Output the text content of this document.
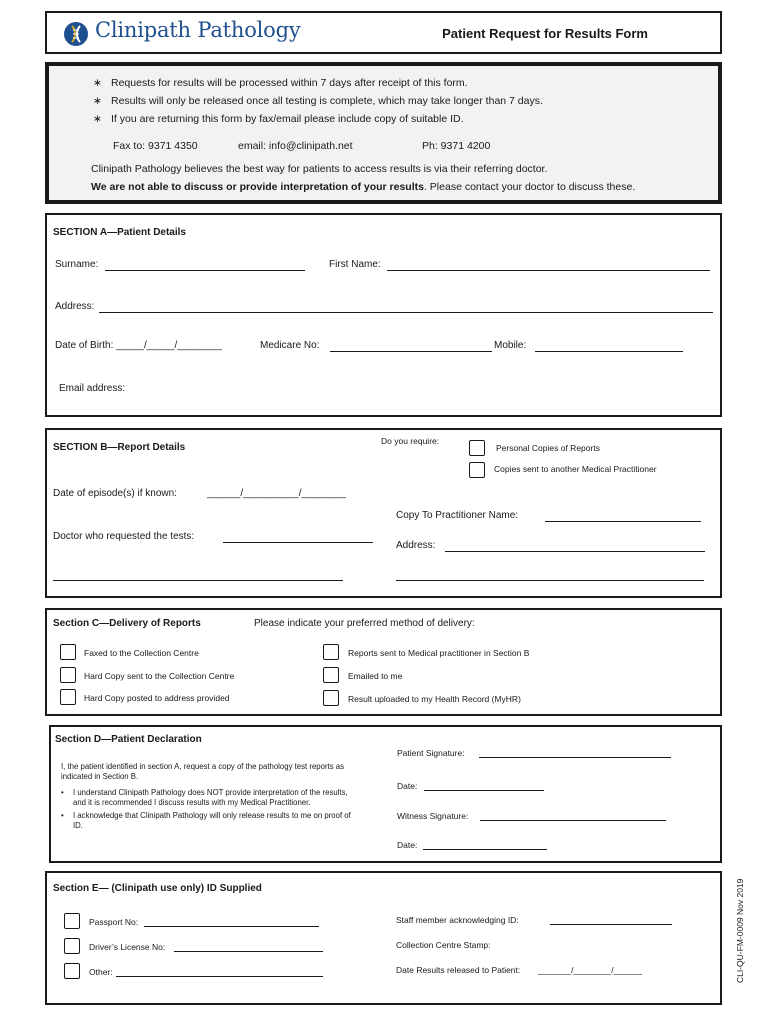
Clinipath Pathology	Patient Request for Results Form
∗ Requests for results will be processed within 7 days after receipt of this form.
∗ Results will only be released once all testing is complete, which may take longer than 7 days.
∗ If you are returning this form by fax/email please include copy of suitable ID.
Fax to: 9371 4350	email: info@clinipath.net	Ph: 9371 4200
Clinipath Pathology believes the best way for patients to access results is via their referring doctor.
We are not able to discuss or provide interpretation of your results. Please contact your doctor to discuss these.
SECTION A—Patient Details
Surname:	First Name:
Address:
Date of Birth: _____/_____/________	Medicare No:	Mobile:
Email address:
SECTION B—Report Details
Do you require:
Personal Copies of Reports
Copies sent to another Medical Practitioner
Date of episode(s) if known:	______/__________/________
Copy To Practitioner Name:
Doctor who requested the tests:
Address:
Section C—Delivery of Reports	Please indicate your preferred method of delivery:
Faxed to the Collection Centre
Hard Copy sent to the Collection Centre
Hard Copy posted to address provided
Reports sent to Medical practitioner in Section B
Emailed to me
Result uploaded to my Health Record (MyHR)
Section D—Patient Declaration
I, the patient identified in section A, request a copy of the pathology test reports as indicated in Section B.
• I understand Clinipath Pathology does NOT provide interpretation of the results, and it is recommended I discuss results with my Medical Practitioner.
• I acknowledge that Clinipath Pathology will only release results to me on proof of ID.
Patient Signature:
Date:
Witness Signature:
Date:
Section E— (Clinipath use only) ID Supplied
Passport No:
Driver’s License No:
Other:
Staff member acknowledging ID:
Collection Centre Stamp:
Date Results released to Patient: _______/________/______	CLI-QU-FM-0009 Nov 2019
